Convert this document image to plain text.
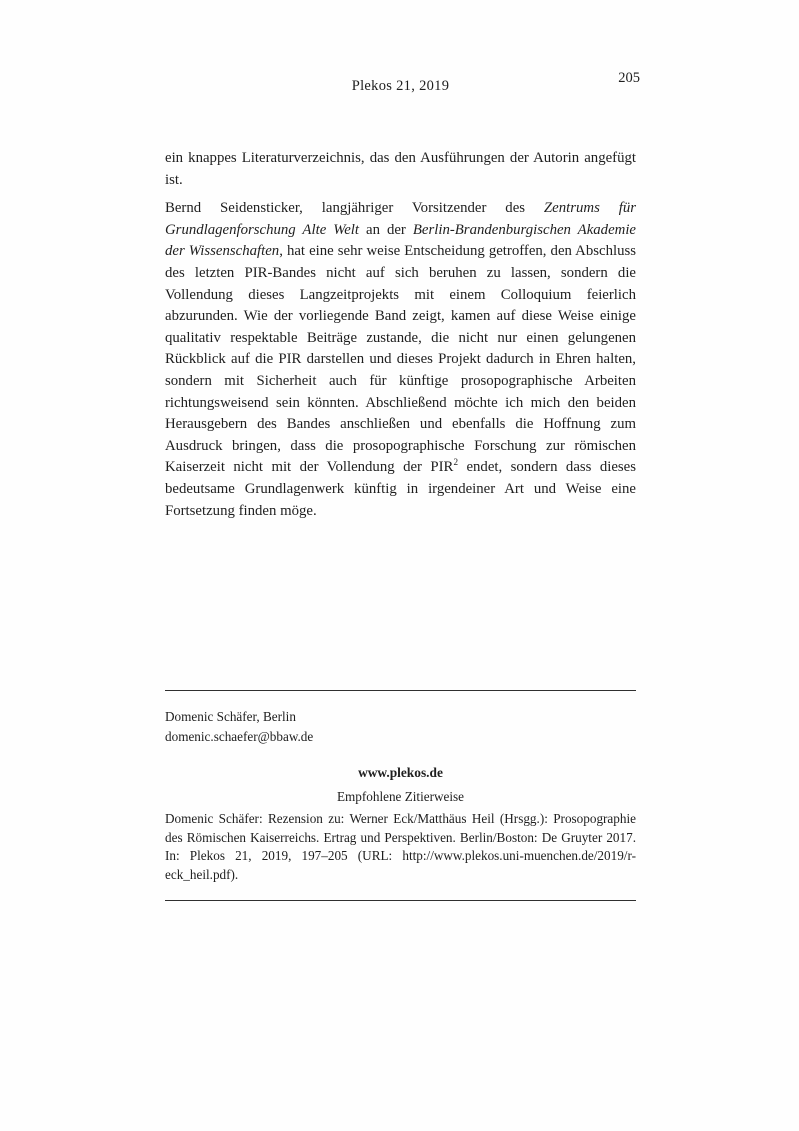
Plekos 21, 2019	205

ein knappes Literaturverzeichnis, das den Ausführungen der Autorin angefügt ist.

Bernd Seidensticker, langjähriger Vorsitzender des Zentrums für Grundlagenforschung Alte Welt an der Berlin-Brandenburgischen Akademie der Wissenschaften, hat eine sehr weise Entscheidung getroffen, den Abschluss des letzten PIR-Bandes nicht auf sich beruhen zu lassen, sondern die Vollendung dieses Langzeitprojekts mit einem Colloquium feierlich abzurunden. Wie der vorliegende Band zeigt, kamen auf diese Weise einige qualitativ respektable Beiträge zustande, die nicht nur einen gelungenen Rückblick auf die PIR darstellen und dieses Projekt dadurch in Ehren halten, sondern mit Sicherheit auch für künftige prosopographische Arbeiten richtungsweisend sein könnten. Abschließend möchte ich mich den beiden Herausgebern des Bandes anschließen und ebenfalls die Hoffnung zum Ausdruck bringen, dass die prosopographische Forschung zur römischen Kaiserzeit nicht mit der Vollendung der PIR$^2$ endet, sondern dass dieses bedeutsame Grundlagenwerk künftig in irgendeiner Art und Weise eine Fortsetzung finden möge.

Domenic Schäfer, Berlin
domenic.schaefer@bbaw.de
www.plekos.de
Empfohlene Zitierweise

Domenic Schäfer: Rezension zu: Werner Eck/Matthäus Heil (Hrsgg.): Prosopographie des Römischen Kaiserreichs. Ertrag und Perspektiven. Berlin/Boston: De Gruyter 2017. In: Plekos 21, 2019, 197–205 (URL: http://www.plekos.uni-muenchen.de/2019/r-eck_heil.pdf).
